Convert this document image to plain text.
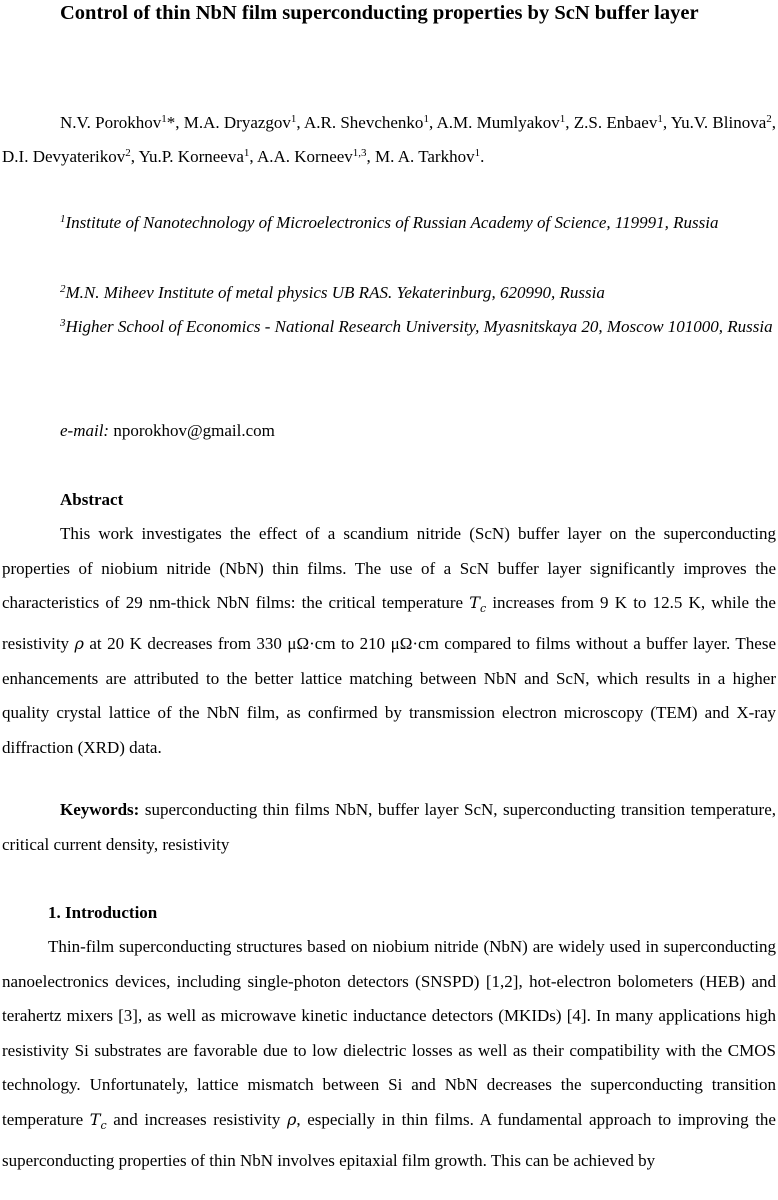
Control of thin NbN film superconducting properties by ScN buffer layer

N.V. Porokhov$^1$*, M.A. Dryazgov$^1$, A.R. Shevchenko$^1$, A.M. Mumlyakov$^1$, Z.S. Enbaev$^1$, Yu.V. Blinova$^2$, D.I. Devyaterikov$^2$, Yu.P. Korneeva$^1$, A.A. Korneev$^{1,3}$, M. A. Tarkhov$^1$.

$^1$Institute of Nanotechnology of Microelectronics of Russian Academy of Science, 119991, Russia

$^2$M.N. Miheev Institute of metal physics UB RAS. Yekaterinburg, 620990, Russia

$^3$Higher School of Economics - National Research University, Myasnitskaya 20, Moscow 101000, Russia

e-mail: nporokhov@gmail.com

Abstract

This work investigates the effect of a scandium nitride (ScN) buffer layer on the superconducting properties of niobium nitride (NbN) thin films. The use of a ScN buffer layer significantly improves the characteristics of 29 nm-thick NbN films: the critical temperature $T_c$ increases from 9 K to 12.5 K, while the resistivity ρ at 20 K decreases from 330 μΩ·cm to 210 μΩ·cm compared to films without a buffer layer. These enhancements are attributed to the better lattice matching between NbN and ScN, which results in a higher quality crystal lattice of the NbN film, as confirmed by transmission electron microscopy (TEM) and X-ray diffraction (XRD) data.

Keywords: superconducting thin films NbN, buffer layer ScN, superconducting transition temperature, critical current density, resistivity

1. Introduction

Thin-film superconducting structures based on niobium nitride (NbN) are widely used in superconducting nanoelectronics devices, including single-photon detectors (SNSPD) [1,2], hot-electron bolometers (HEB) and terahertz mixers [3], as well as microwave kinetic inductance detectors (MKIDs) [4]. In many applications high resistivity Si substrates are favorable due to low dielectric losses as well as their compatibility with the CMOS technology. Unfortunately, lattice mismatch between Si and NbN decreases the superconducting transition temperature $T_c$ and increases resistivity ρ, especially in thin films. A fundamental approach to improving the superconducting properties of thin NbN involves epitaxial film growth. This can be achieved by
